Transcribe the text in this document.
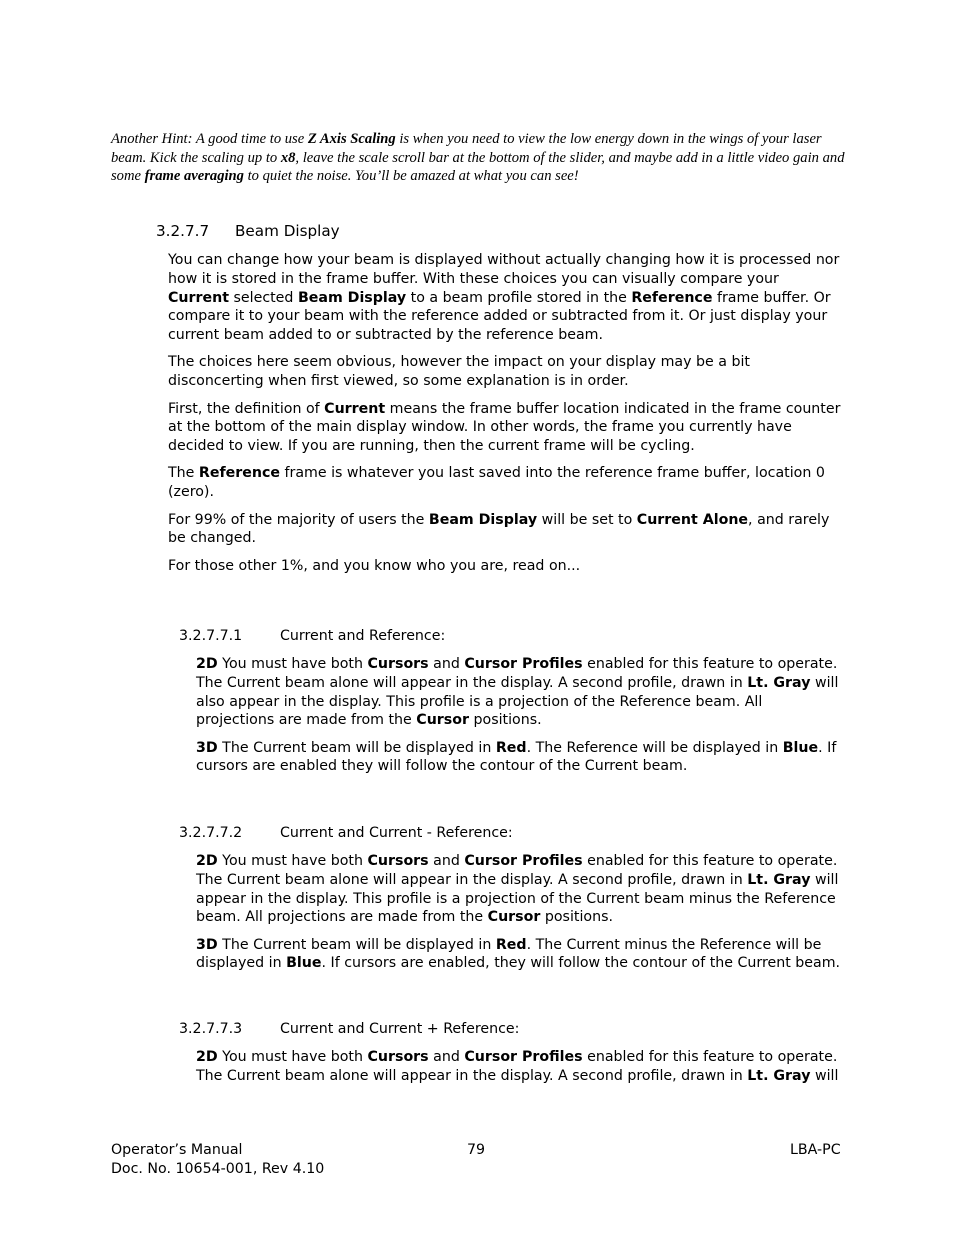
Another Hint: A good time to use Z Axis Scaling is when you need to view the low energy down in the wings of your laser beam. Kick the scaling up to x8, leave the scale scroll bar at the bottom of the slider, and maybe add in a little video gain and some frame averaging to quiet the noise. You’ll be amazed at what you can see!
3.2.7.7 Beam Display

You can change how your beam is displayed without actually changing how it is processed nor how it is stored in the frame buffer. With these choices you can visually compare your Current selected Beam Display to a beam profile stored in the Reference frame buffer. Or compare it to your beam with the reference added or subtracted from it. Or just display your current beam added to or subtracted by the reference beam.

The choices here seem obvious, however the impact on your display may be a bit disconcerting when first viewed, so some explanation is in order.

First, the definition of Current means the frame buffer location indicated in the frame counter at the bottom of the main display window. In other words, the frame you currently have decided to view. If you are running, then the current frame will be cycling.

The Reference frame is whatever you last saved into the reference frame buffer, location 0 (zero).

For 99% of the majority of users the Beam Display will be set to Current Alone, and rarely be changed.

For those other 1%, and you know who you are, read on...

3.2.7.7.1	Current and Reference:

2D You must have both Cursors and Cursor Profiles enabled for this feature to operate. The Current beam alone will appear in the display. A second profile, drawn in Lt. Gray will also appear in the display. This profile is a projection of the Reference beam. All projections are made from the Cursor positions.

3D The Current beam will be displayed in Red. The Reference will be displayed in Blue. If cursors are enabled they will follow the contour of the Current beam.

3.2.7.7.2	Current and Current - Reference:

2D You must have both Cursors and Cursor Profiles enabled for this feature to operate. The Current beam alone will appear in the display. A second profile, drawn in Lt. Gray will appear in the display. This profile is a projection of the Current beam minus the Reference beam. All projections are made from the Cursor positions.

3D The Current beam will be displayed in Red. The Current minus the Reference will be displayed in Blue. If cursors are enabled, they will follow the contour of the Current beam.

3.2.7.7.3	Current and Current + Reference:

2D You must have both Cursors and Cursor Profiles enabled for this feature to operate. The Current beam alone will appear in the display. A second profile, drawn in Lt. Gray will

Operator’s Manual
Doc. No. 10654-001, Rev 4.10
79	LBA-PC
